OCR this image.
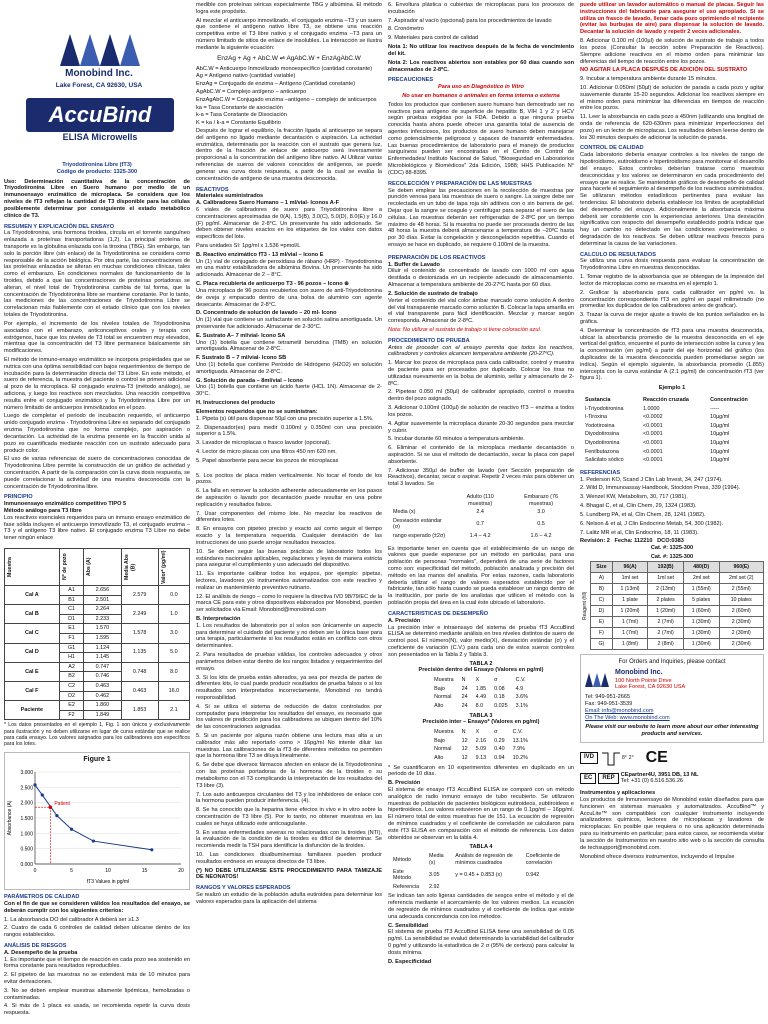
Monobind Inc.
Lake Forest, CA 92630, USA
AccuBind
ELISA Microwells
Triyodotironina Libre (fT3)
Código de producto: 1325-300

Uso: Determinación cuantitativa de la concentración de Triyodotironina Libre en Suero humano por medio de un inmunoensayo enzimático de microplaca. Se considera que los niveles de fT3 reflejan la cantidad de T3 disponible para las células posiblemente determinar por consiguiente el estado metabólico clínico de T3.

RESUMEN Y EXPLICACIÓN DEL ENSAYO

La Triyodotironina, una hormona tiroidea, circula en el torrente sanguíneo enlazada a proteínas transportadoras (1,2). La principal proteína de transporte es la globulina enlazada con la tiroxina (TBG). Sin embargo, tan solo la porción libre (sin enlace) de la Triyodotironina se considera como responsable de la acción biológica. Por otra parte, las concentraciones de las proteínas enlazadas se alteran en muchas condiciones clínicas, tales como el embarazo. En condiciones normales de funcionamiento de la tiroides, debido a que las concentraciones de proteínas portadoras se alteran, el nivel total de Triyodotironina cambia de tal forma, que la concentración de Triyodotironina libre se mantiene constante. Por lo tanto, las mediciones de las concentraciones de Triyodotironina Libre se correlacionan más fiablemente con el estado clínico que con los niveles totales de Triyodotironina.

Por ejemplo, el incremento de los niveles totales de Triyodotironina asociados con el embarazo, anticonceptivos orales y terapia con estrógenos, hace que los niveles de T3 total se encuentren muy elevados, mientras que la concentración del T3 libre permanece básicamente sin modificaciones.

El método de inmuno-ensayo enzimático se incorpora propiedades que se nutrica con una óptima sensibilidad con bajos requerimientos de tiempo de incubación para la determinación directa del T3 Libre. En este método, el suero de referencia, la muestra del paciente o control se primero adicional al pozo de la microplaca. El conjugado enzima-T3 (método análogo), se adiciona, y luego los reactivos son mezclados. Una reacción competitiva resulta entre el conjugado enzimático y la Triyodotironina Libre por un número limitado de anticuerpos inmovilizados en el pozo.

Luego de completar el periodo de incubación requerido, el anticuerpo unido conjugado enzima - Triyodotironina Libre es separado del conjugado enzima Triyodotironina que no forma complejo, por aspiración o decantación. La actividad de la enzima presente en la fracción unida al pozo es cuantificada mediante reacción con un sustrato adecuado para producir color.

El uso de varias referencias de suero de concentraciones conocidas de Triyodotironina Libre permite la construcción de un gráfico de actividad y concentración. A partir de la comparación con la curva dosis respuesta, se puede correlacionar la actividad de una muestra desconocida con la concentración de Triyodotironina libre.

PRINCIPIO
Inmunoensayo enzimático competitivo TIPO 5
Método análogo para T3 libre

Los reactivos esenciales requeridos para un inmuno ensayo enzimático de fase sólida incluyen el anticuerpo inmovilizado T3, el conjugado enzima – T3 y el antígeno T3 libre nativo. El conjugado enzima T3 Libre no debe tener ningún enlace

Muestra	Nº de pozo	Abs (A)	Media Abs (B)	Valor* (pg/ml)

Cal A	A1	2.656	2.579	0.0
	B1	2.501		
Cal B	C1	2.264	2.249	1.0
	D1	2.233		
Cal C	E1	1.570	1.578	3.0
	F1	1.595		
Cal D	G1	1.124	1.135	5.0
	H1	1.145		
Cal E	A2	0.747	0.748	8.0
	B2	0.746		
Cal F	C2	0.463	0.463	16.0
	D2	0.462		
Paciente	E2	1.860	1.853	2.1
	F2	1.849		

* Los datos presentados en el ejemplo 1, Fig. 1 son únicos y exclusivamente para ilustración y no deben utilizarse en lugar de curva estándar que se realice para cada ensayo. Los valores asignados para los calibradores son específicos para los lotes.

Figure 1
0.000
0.500
1.000
1.500
2.000
2.500
3.000
0	5	10	15	20
fT3 Values in pg/ml
Absorbance (A)	Patient
PARÁMETROS DE CALIDAD

Con el fin de que se consideren válidos los resultados del ensayo, se deberán cumplir con los siguientes criterios:

1. La absorbancia DO del calibrador A deberá ser ≥1.3

2. Cuatro de cada 6 controles de calidad deben ubicarse dentro de los rangos establecidos.

ANÁLISIS DE RIESGOS
A. Desempeño de la prueba

1. Es importante que el tiempo de reacción en cada pozo sea sostenido en forma constante para resultados reproducibles.

2. El pipeteo de las muestras no se extenderá más de 10 minutos para evitar derivaciones.

3. No se deben emplear muestras altamente lipémicas, hemolizadas o contaminadas.

4. Si más de 1 placa es usada, se recomienda repetir la curva dosis respuesta.

medible con proteínas séricas especialmente TBG y albúmina. El método logra este propósito.

Al mezclar el anticuerpo inmovilizado, el conjugado enzima –T3 y un suero que contiene el antígeno nativo libre T3, se obtiene una reacción competitiva entre el T3 libre nativo y el conjugado enzima –T3 para un número limitado de sitios de enlace de insolubles. La interacción se ilustra mediante la siguiente ecuación:

EnzAg + Ag + AbC.W ⇌ AgAbC.W + EnzAgAbC.W

AbC.W = Anticuerpo Inmovilizado monoespecífico (cantidad constante)

Ag = Antígeno nativo (cantidad variable)

EnzAg = Conjugado de enzima – Antígeno (Cantidad constante)

AgAbC.W = Complejo antígeno – anticuerpo

EnzAgAbC.W = Conjugado enzima –antígeno – complejo de anticuerpos

ka = Tasa Constante de asociación

k-a = Tasa Constante de Disociación

K = ka / k-a = Constante Equilibrio

Después de lograr el equilibrio, la fracción ligada al anticuerpo se separa del antígeno no ligado mediante decantación o aspiración. La actividad enzimática, determinada por la reacción con el sustrato que genera luz, dentro de la fracción de enlace de anticuerpo será inversamente proporcional a la concentración del antígeno libre nativo. Al Utilizar varias referencias de sueros de valores conocidos de antígenos, se puede generar una curva dosis respuesta, a partir de la cual se evalúa la concentración de antígeno de una muestra desconocida.

REACTIVOS
Materiales suministrados
A. Calibradores Suero Humano – 1 ml/vial- Iconos A-F

6 viales de calibradores de suero para Triyodotironina libre a concentraciones aproximadas de 0(A), 1.5(B), 3.0(C), 5.0(D), 8.0(E) y 16.0 (F) pg/ml. Almacenar de 2-8°C. Un preservante ha sido adicionado. Se deben obtener niveles exactos en los etiquetes de los viales con datos específicos del lote.

Para unidades SI: 1pg/ml x 1.536 =pmol/L

B. Reactivo enzimático fT3 - 13 ml/vial – Icono E

Un (1) vial de conjugado de peroxidasa de rábano (HRP) - Triyodotironina en una matriz estabilizadora de albúmina Bovina. Un preservante ha sido adicionado. Almacenar de 2 – 8°C.

C. Placa recubierta de anticuerpo T3 - 96 pozos – Icono ⊕

Una microplaca de 96 pozos recubiertos con suero de anti-Triyodotironina de oveja y empacado dentro de una bolsa de aluminio con agente desecante. Almacenar de 2-8°C.

D. Concentrado de solución de lavado – 20 ml- Icono

Un (1) vial que contiene un surfactante en solución salina amortiguada. Un preservante fue adicionado. Almacenar de 2-30°C.

E. Sustrato A– 7 ml/vial- Icono SA

Uno (1) botella que contiene tetrametil benzidina (TMB) en solución amortiguada. Almacenar de 2-8°C.

F. Sustrato B – 7 ml/vial- Icono SB

Uno (1) botella que contiene Peróxido de Hidrógeno (H2O2) en solución amortiguada. Almacenar de 2-8°C.

G. Solución de parada – 8ml/vial – Icono

Uno (1) botella que contiene un ácido fuerte (HCL 1N). Almacenar de 2-30°C.

H. Instrucciones del producto
Elementos requeridos que no se suministran:

1. Pipeta (s) útil para dispensar 50µl con una precisión superior a 1.5%.

2. Dispensador(es) para medir 0.100ml y 0.350ml con una precisión superior a 1.5%.

3. Lavador de microplacas o frasco lavador (opcional).

4. Lector de micro placas con una filtros 450 nm 620 nm.

5. Papel absorbente para secar los pozos de microplacas

5. Los pocitos de placa miden verticalmente. No tocar el fondo de los pozos.

6. La falla en remover la solución adherente adecuadamente en los pasos de aspiración o lavado por decantación puede resultar en una pobre replicación y resultados falsos.

7. Usar componentes del mismo lote. No mezclar los reactivos de diferentes lotes.

8. En ensayos con pipeteo preciso y exacto así como seguir el tiempo exacto y la temperatura requerida. Cualquier desviación de las instrucciones de uso puede arrojar resultados inexactos.

10. Se deben seguir las buenas prácticas de laboratorio todos los estándares nacionales aplicables, regulaciones y leyes de manera estricta para asegurar el cumplimiento y uso adecuado del dispositivo.

11. Es importante calibrar todos los equipos, por ejemplo: pipetas, lectores, lavadores y/o instrumentos automatizados con este reactivo y realizar un mantenimiento preventivo rutinario.

12. El análisis de riesgo – como lo requiere la directiva IVD 98/79/EC de la marca CE para este y otros dispositivos elaborados por Monobind, pueden ser solicitados vía Email: Monobind@monobind.com

B. Interpretación

1. Los resultados de laboratorio por sí solos son únicamente un aspecto para determinar el cuidado del paciente y no deben ser la única base para una terapia, particularmente si los resultados están en conflicto con otros determinantes.

2. Para resultados de pruebas válidas, los controles adecuados y otros parámetros deben estar dentro de los rangos listados y requerimientos del ensayo.

3. Si los kits de prueba están alterados, ya sea por mezcla de partes de diferentes kits, lo cual puede producir resultados de prueba falsos o si los resultados son interpretados incorrectamente, Monobind no tendrá responsabilidad.

4. Si se utiliza el sistema de reducción de datos controlados por computador para interpretar los resultados del ensayo, es necesario que los valores de predicción para los calibradores se ubiquen dentro del 10% de las concentraciones asignadas.

5. Si un paciente por alguna razón obtiene una lectura mas alta a un calibrador más alto reportarlo como > 16pg/ml No intente diluir las muestras. Las calibraciones de la fT3 de diferentes métodos no permiten que la hormona libre T3 se diluya linealmente.

6. Se debe que diversos fármacos afecten en enlace de la Triyodotironina con las proteínas portadoras de la hormona de la tiroides o su metabolismo con el T3 complicando la interpretación de los resultados del T3 libre (3).

7. Los auto anticuerpos circulantes del T3 y los inhibidores de enlace con la hormona pueden producir interferencia. (4).

8. Se ha conocido que la heparina tiene efectos in vivo e in vitro sobre la concentración de T3 libre (5). Por lo tanto, no obtener muestras en las cuales se haya utilizado este anticoagulante.

9. En varias enfermedades severas no relacionadas con la tiroides (NTI), la evaluación de la condición de la tiroides es difícil de determinar. Se recomienda medir la TSH para identificar la disfunción de la tiroides.

10. Las condiciones disalbuminemias familiares pueden producir resultados erróneos en ensayos directos de T3 libre.

(*) NO DEBE UTILIZARSE ESTE PROCEDIMIENTO PARA TAMIZAJE DE NEONATOS!

RANGOS Y VALORES ESPERADOS

Se realizó un estudio de la población adulta eutiroidea para determinar los valores esperados para la aplicación del sistema

6. Envoltura plástica o cubiertas de microplacas para los procesos de incubación

7. Aspirador al vacío (opcional) para los procedimientos de lavado

8. Cronómetro

9. Materiales para control de calidad

Nota 1: No utilizar los reactivos después de la fecha de vencimiento del kit.

Nota 2: Los reactivos abiertos son estables por 60 días cuando son almacenados de 2-8ºC.

PRECAUCIONES

Para uso en Diagnóstico in Vitro

No usar en humanos o animales en forma interna o externa

Todos los productos que contienen suero humano han demostrado ser no reactivos para antígeno de superficie de hepatitis B, VIH 1 y 2 y HCV según pruebas exigidas por la FDA. Debido a que ninguna prueba conocida hasta ahora puede ofrecer una garantía total de ausencia de agentes infecciosos, los productos de suero humano deben manejarse como potencialmente peligrosos y capaces de transmitir enfermedades. Las buenas procedimientos de laboratorio para el manejo de productos sanguíneos pueden ser encontradas en el Centro de Control de Enfermedades/ Instituto Nacional de Salud, "Biosegurdad en Laboratorios Microbiológicos y Biomédicos" 2da Edición, 1988; HHS Publicación N° (CDC) 88-8395.

RECOLECCIÓN Y PREPARACIÓN DE LAS MUESTRAS

Se deben emplear las precauciones en la recolección de muestras por punción venosa para las muestras de suero o sangre. La sangre debe ser recolectada en un tubo de tapa roja sin aditivos con o sin barrera de gel. Dejar que la sangre se coagule y centrifugar para separar el suero de las células. Las muestras deberán ser refrigeradas de 2-8ºC por un tiempo máximo de 48 horas. Si la muestra no puede ser procesada dentro de las 48 horas la muestra deberá almacenarse a temperatura de –20ºC hasta por 30 días. Evitar la congelación y descongelación repetitiva. Cuando el ensayo se hace en duplicado, se requiere 0.100ml de la muestra.

PREPARACIÓN DE LOS REACTIVOS
1. Buffer de Lavado

Diluir el contenido de concentrado de lavado con 1000 ml con agua destilada o desionizada en un recipiente adecuado de almacenamiento. Almacenar a temperatura ambiente de 20-27ºC hasta por 60 días.

2. Solución de sustrato de trabajo

Verter el contenido del vial color ámbar marcado como solución A dentro del vial transparente marcado como solución B. Colocar la tapa amarilla en el vial transparente para fácil identificación. Mezclar y marcar según corresponda. Almacenar de 2-8ºC.

Nota: No utilizar el sustrato de trabajo si tiene coloración azul.

PROCEDIMIENTO DE PRUEBA

Antes de proceder con el ensayo permita que todos los reactivos, calibradores y controles alcancen temperatura ambiente (20-27ºC).

1. Marcar los pozos de microplaca para cada calibrador, control y muestra de paciente para ser procesados por duplicado. Colocar los tiras no utilizadas nuevamente en la bolsa de aluminio, sellar y almacenarlo de 2-8ºC.

2. Pipetear 0.050 ml (50µl) de calibrador apropiado, control o muestra dentro del pozo asignado.

3. Adicionar 0.100ml (100µl) de solución de reactivo fT3 – enzima a todos los pozos.

4. Agitar suavemente la microplaca durante 20-30 segundos para mezclar y cubrir.

5. Incubar durante 60 minutos a temperatura ambiente.

6. Eliminar el contenido de la microplaca mediante decantación o aspiración. Si se usa el método de decantación, secar la placa con papel absorbente.

7. Adicionar 350µl de buffer de lavado (ver Sección preparación de Reactivos), decantar, secar o aspirar. Repetir 2 veces más para obtener un total 3 lavados. Se

	Adulto (110 muestras)	Embarazo (76 muestras)
Media (x)	2.4	3.0
Desviación estándar (σ)	0.7	0.5
rango esperado (±2σ)	1.4 – 4.2	1.6 – 4.2

Es importante tener en cuenta que el establecimiento de un rango de valores que puede esperarse por un método en particular, para una población de personas "normales", dependerá de una serie de factores como son: especificidad del método, población analizada y precisión del método en las manos del analista. Por estas razones, cada laboratorio debería utilizar el rango de valores esperados establecido por el fabricante, tan sólo hasta cuando se pueda establecer un rango dentro de la institución, por parte de los analistas que utilicen el método con la población propia del área en la cual éste ubicado el laboratorio.

CARACTERISTICAS DE DESEMPEÑO
A. Precisión

La precisión inter e intraensayo del sistema de prueba fT3 AccuBind ELISA se determinó mediante análisis en tres niveles distintos de suero de control pool. El número(N), valor medio(X), desviación estándar (σ) y el coeficiente de variación (C.V.) para cada uno de estos sueros controles son presentados en la Tabla 2 y Tabla 3.

TABLA 2
Precisión dentro del Ensayo (Valores en pg/ml)
Muestra	N	X	σ	C.V.
Bajo	24	1.85	0.08	4.9
Normal	24	4.49	0.18	3.6%
Alto	24	8.0	0.025	3.1%
TABLA 3
Precisión inter – Ensayo* (Valores en pg/ml)
Muestra	N	X	σ	C.V.
Bajo	12	2.16	0.29	13.1%
Normal	12	5.09	0.40	7.9%
Alto	12	9.13	0.94	10.2%

* Se cuantificaron en 10 experimentos diferentes en duplicado en un periodo de 10 días.

B. Precisión

El sistema de ensayo fT3 AccuBind ELISA se comparó con un método analógico de radio inmuno ensayo de tubo recubierto. Se utilizaron muestras de población de pacientes biológicos eutiroideos, subtiroideos e hipertiroideos. Los valores estuvieron en un rango de 0.1pg/ml – 16pg/ml. El número total de estos muestras fue de 151. La ecuación de regresión de mínimos cuadrados y el coeficiente de correlación se calcularon para este fT3 ELISA en comparación con el método de referencia. Los datos obtenidos se observan en la tabla 4.

TABLA 4
Método	Media (x)	Análisis de regresión de mínimos cuadrados	Coeficiente de correlación
Este Método	3.05	y = 0.45 + 0.853 (x)	0.942
Referencia	2.92		

Se indican tan solo ligeras cantidades de sesgos entre el método y el de referencia mediante el acercamiento de los valores medios. La ecuación de regresión de mínimos cuadrados y el coeficiente de indica que existe una adecuada concordancia con los métodos.

C. Sensibilidad

El sistema de prueba fT3 AccuBind ELISA tiene una sensibilidad de 0.05 pg/ml. La sensibilidad se evaluó determinando la variabilidad del calibrador 0 pg/ml y utilizando la estadística de 2 σ (95% de certeza) para calcular la dosis mínima.

D. Especificidad

puede utilizar un lavador automático o manual de placas. Seguir las instrucciones del fabricante para asegurar el uso apropiado. Si se utiliza un frasco de lavado, llenar cada pozo oprimiendo el recipiente (evitar las burbujas de aire) para dispensar la solución de lavado. Decantar la solución de lavado y repetir 2 veces adicionales.

8. Adicionar 0.100 ml (100µl) de solución de sustrato de trabajo a todos los pozos (Consultar la sección sobre Preparación de Reactivos). Siempre adicione reactivos en el mismo orden para minimizar las diferencias del tiempo de reacción entre los pozos.

NO AGITAR LA PLACA DESPUÉS DE ADICIÓN DEL SUSTRATO

9. Incubar a temperatura ambiente durante 15 minutos.

10. Adicionar 0.050ml (50µl) de solución de parada a cada pozo y agitar suavemente durante 15-20 segundos. Adicionar los reactivos siempre en el mismo orden para minimizar las diferencias en tiempos de reacción entre los pozos.

11. Leer la absorbancia en cada pozo a 450nm (utilizando una longitud de onda de referencia de 620-630nm para minimizar imperfecciones del pozo) en un lector de microplacas. Los resultados deben leerse dentro de los 30 minutos después de adicionar la solución de parada.

CONTROL DE CALIDAD

Cada laboratorio debería ensayar controles a los niveles de rango de hipotiroidismo, eutiroidismo e hipertiroidismo para monitorear el desarrollo del ensayo. Estos controles deberían tratarse como muestras desconocidas y los valores se determinaron en cada procedimiento del ensayo que se realice. Se mantendrán gráficos de desempeño de calidad para hacerle el seguimiento al desempeño de los reactivos suministrados. Se utilizaran métodos estadísticos pertinentes para evaluar las tendencias. El laboratorio debería establecer los límites de aceptabilidad del desempeño del ensayo. Adicionalmente la absorbancia máxima deberá ser consistente con la experiencias anteriores. Una desviación significativa con respecto del desempeño establecido podría indicar que hay un cambio no detectado en las condiciones experimentales o degradación de los reactivos. Se deben utilizar reactivos frescos para determinar la causa de las variaciones.

CALCULO DE RESULTADOS

Se utiliza una curva dosis respuesta para evaluar la concentración de Triyodotironina Libre en muestras desconocidas.

1. Tomar registro de la absorbancia que se obtengan de la impresión del lector de microplacas como se muestra en el ejemplo 1.

2. Graficar la absorbancia para cada calibrador en pg/ml vs. la concentración correspondiente fT3 en pg/ml en papel milimetrado (no promediar los duplicados de los calibradores antes de graficar).

3. Trazar la curva de mejor ajuste a través de los puntos señalados en la gráfica.

4. Determinar la concentración de fT3 para una muestra desconocida, ubicar la absorbancia promedio de la muestra desconocida en el eje vertical del gráfico, encuentre el punto de intersección sobre la curva y lea la concentración (en pg/ml) a partir del eje horizontal del gráfico (los duplicados de la muestra desconocida pueden promediarse según se indica). Según el ejemplo siguiente, la absorbancia promedio (1.855) intercepta con la curva estándar A (2.1 pg/ml) de concentración fT3 (ver figura 1).

Ejemplo 1
Sustancia	Reacción cruzada	Concentración
l-Triyodotironina	1.0000	-----
l-Tiroxina	<0.0002	10µg/ml
Yodotirosina	<0.0001	10µg/ml
Diyodotirosina	<0.0001	10µg/ml
Diyodotironina	<0.0001	10µg/ml
Fenilbutazona	<0.0001	10µg/ml
Salicilato sódico	<0.0001	10µg/ml
REFERENCIAS

1. Pederson KO, Scand J Clin Lab Invest, 34, 247 (1974).

2. Wild D, Immunoassay Handbook, Stockton Press, 339 (1994).

3. Wenzel KW, Metabolism, 30, 717 (1981).

4. Bhagat C, et al, Clin Chem, 29, 1324 (1983).

5. Lundberg PA, et al, Clin Chem, 28, 1241 (1982).

6. Nelson & et al, J Clin Endocrino Metab, 54, 300 (1982).

7. Lalitz MR et al, Clin Endocrino, 18, 11 (1983).

Revisión: 2 Fecha: 112210 DCO:0383
Cat. #: 1325-300
Cat. #: 1325-300
Reagent (fill)
Size	96(A)	192(B)	480(D)	960(E)
A)	1ml set	1ml set	2ml set	2ml set (2)
B)	1 (13ml)	2 (13ml)	1 (55ml)	2 (55ml)
C)	1 plate	2 plates	5 plates	10 plates
D)	1 (20ml)	1 (20ml)	1 (60ml)	2 (60ml)
E)	1 (7ml)	2 (7ml)	1 (30ml)	2 (30ml)
F)	1 (7ml)	2 (7ml)	1 (30ml)	2 (30ml)
G)	1 (8ml)	2 (8ml)	1 (30ml)	2 (30ml)
For Orders and Inquiries, please contact
Monobind Inc.
100 North Pointe Drive
Lake Forest, CA 92630 USA
Tel: 949-951-2665
Fax: 949-951-3539
Email: info@monobind.com
On The Web: www.monobind.com
Please visit our website to learn more about our other interesting products and services.
IVD	8° 2° CE
EC	REP
CEpartner4U, 3951 DB, 13 NL
Tel: +31 (0) 6.516.536.26
Instrumentos y aplicaciones

Los productos de Inmunoensayo de Monobind están diseñados para que funcionen en sistemas manuales y automatizados. AccuBind™ y AccuLite™ son compatibles con cualquier instrumento incluyendo analizadores químicos, lectores de microplacas y lavadores de microplacas. En posible que requiera o no una aplicación determinada para su instrumento en particular; para estos casos, se recomienda visitar la sección de Instrumentos en nuestro sitio web o la sección de consulta de techsupport@monobind.com.

Monobind ofrece diversos instrumentos, incluyendo el Impulse
